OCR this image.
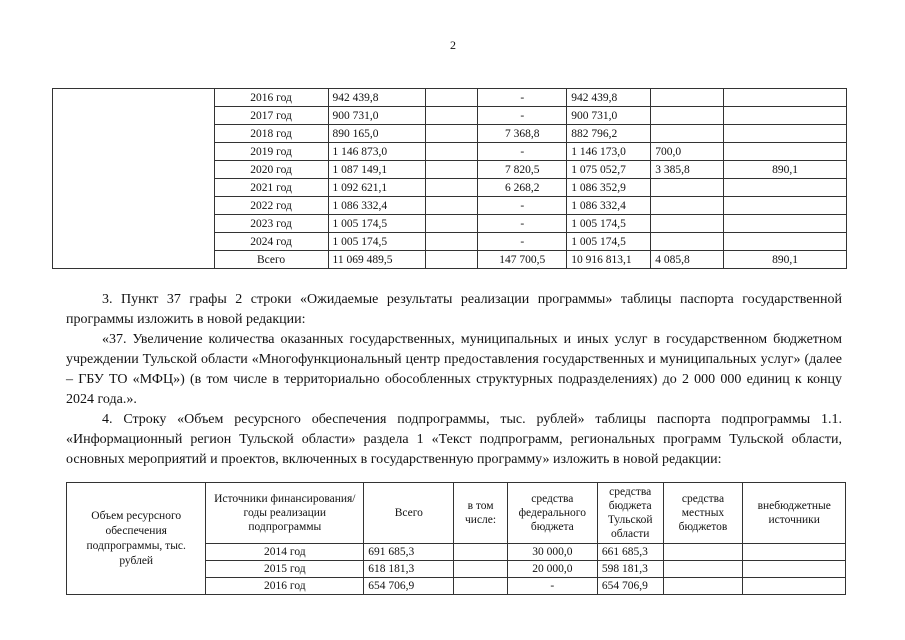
2
	2016 год	942 439,8		-	942 439,8		
	2017 год	900 731,0		-	900 731,0		
	2018 год	890 165,0		7 368,8	882 796,2		
	2019 год	1 146 873,0		-	1 146 173,0	700,0	
	2020 год	1 087 149,1		7 820,5	1 075 052,7	3 385,8	890,1
	2021 год	1 092 621,1		6 268,2	1 086 352,9		
	2022 год	1 086 332,4		-	1 086 332,4		
	2023 год	1 005 174,5		-	1 005 174,5		
	2024 год	1 005 174,5		-	1 005 174,5		
	Всего	11 069 489,5		147 700,5	10 916 813,1	4 085,8	890,1
3. Пункт 37 графы 2 строки «Ожидаемые результаты реализации программы» таблицы паспорта государственной программы изложить в новой редакции:
«37. Увеличение количества оказанных государственных, муниципальных и иных услуг в государственном бюджетном учреждении Тульской области «Многофункциональный центр предоставления государственных и муниципальных услуг» (далее – ГБУ ТО «МФЦ») (в том числе в территориально обособленных структурных подразделениях) до 2 000 000 единиц к концу 2024 года.».
4. Строку «Объем ресурсного обеспечения подпрограммы, тыс. рублей» таблицы паспорта подпрограммы 1.1. «Информационный регион Тульской области» раздела 1 «Текст подпрограмм, региональных программ Тульской области, основных мероприятий и проектов, включенных в государственную программу» изложить в новой редакции:
Объем ресурсного обеспечения подпрограммы, тыс. рублей	Источники финансирования/ годы реализации подпрограммы	Всего	в том числе:	средства федерального бюджета	средства бюджета Тульской области	средства местных бюджетов	внебюджетные источники
	2014 год	691 685,3		30 000,0	661 685,3		
	2015 год	618 181,3		20 000,0	598 181,3		
	2016 год	654 706,9		-	654 706,9		
